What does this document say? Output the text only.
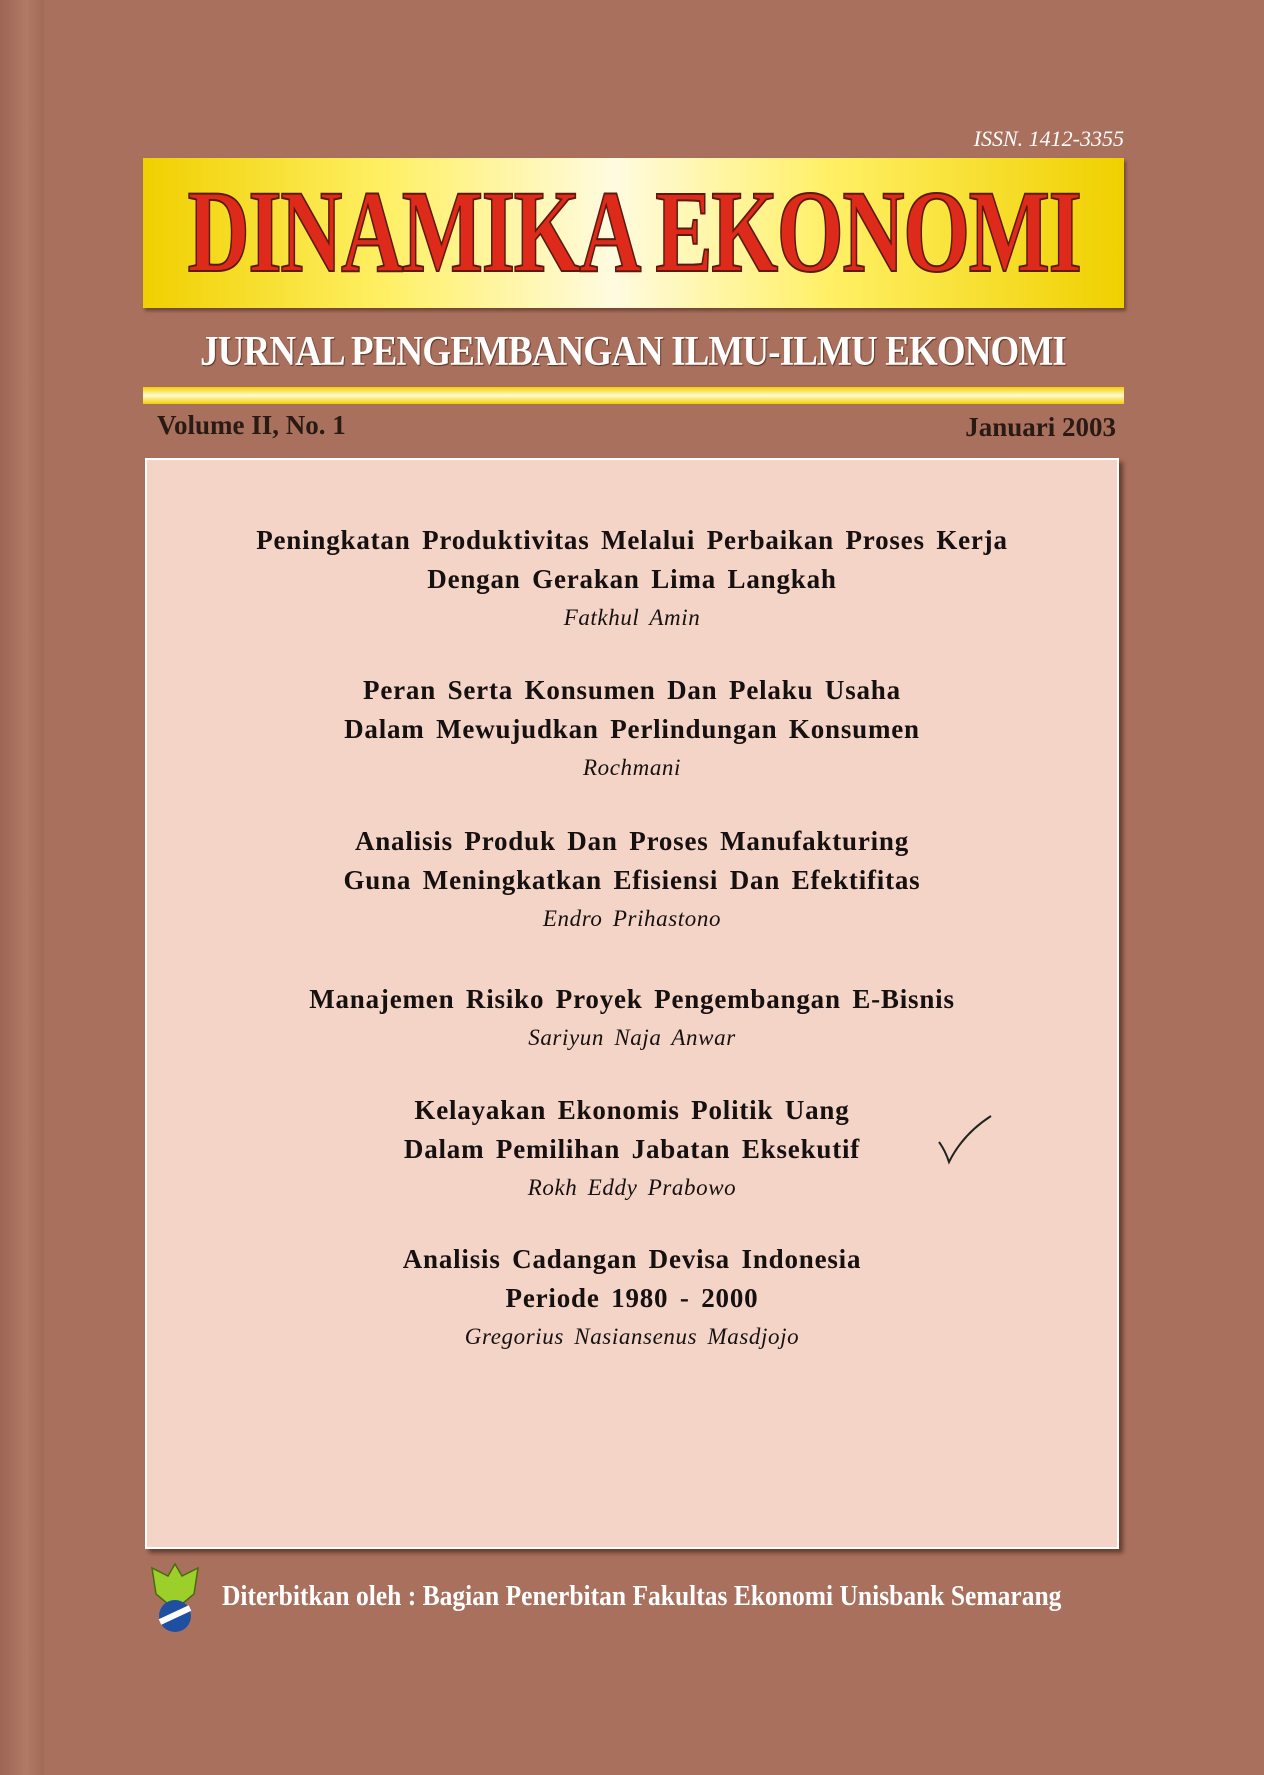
ISSN. 1412-3355
DINAMIKA EKONOMI
JURNAL PENGEMBANGAN ILMU-ILMU EKONOMI
Volume II, No. 1	Januari 2003
Peningkatan Produktivitas Melalui Perbaikan Proses Kerja
Dengan Gerakan Lima Langkah
Fatkhul Amin
Peran Serta Konsumen Dan Pelaku Usaha
Dalam Mewujudkan Perlindungan Konsumen
Rochmani
Analisis Produk Dan Proses Manufakturing
Guna Meningkatkan Efisiensi Dan Efektifitas
Endro Prihastono
Manajemen Risiko Proyek Pengembangan E-Bisnis
Sariyun Naja Anwar
Kelayakan Ekonomis Politik Uang
Dalam Pemilihan Jabatan Eksekutif
Rokh Eddy Prabowo
Analisis Cadangan Devisa Indonesia
Periode 1980 - 2000
Gregorius Nasiansenus Masdjojo
Diterbitkan oleh : Bagian Penerbitan Fakultas Ekonomi Unisbank Semarang
